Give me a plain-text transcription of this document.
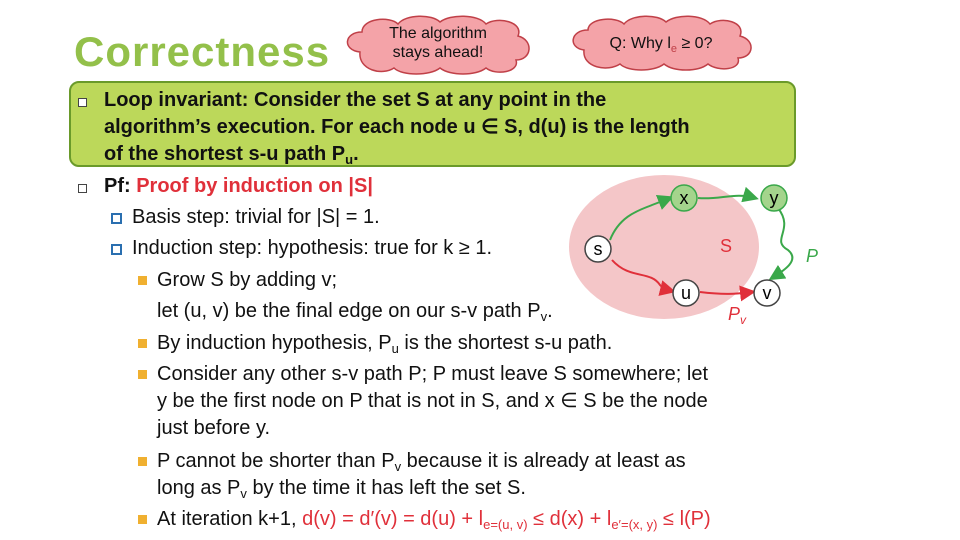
Correctness	The algorithm
stays ahead!
Q: Why $l_e \ge 0$?
Loop invariant: Consider the set S at any point in the
algorithm’s execution. For each node u ∈ S, d(u) is the length
of the shortest s-u path $P_u$.
Pf: Proof by induction on |S|
Basis step: trivial for |S| = 1.
Induction step: hypothesis: true for k ≥ 1.
Grow S by adding v;
let (u, v) be the final edge on our s-v path $P_v$.
By induction hypothesis, $P_u$ is the shortest s-u path.
Consider any other s-v path P; P must leave S somewhere; let
y be the first node on P that is not in S, and x ∈ S be the node
just before y.
P cannot be shorter than $P_v$ because it is already at least as
long as $P_v$ by the time it has left the set S.
At iteration k+1, $d(v) = d'(v) = d(u) + l_{e=(u, v)} \le d(x) + l_{e'=(x, y)} \le l(P)$
S
s
x	y
u	v
P
$P_v$
